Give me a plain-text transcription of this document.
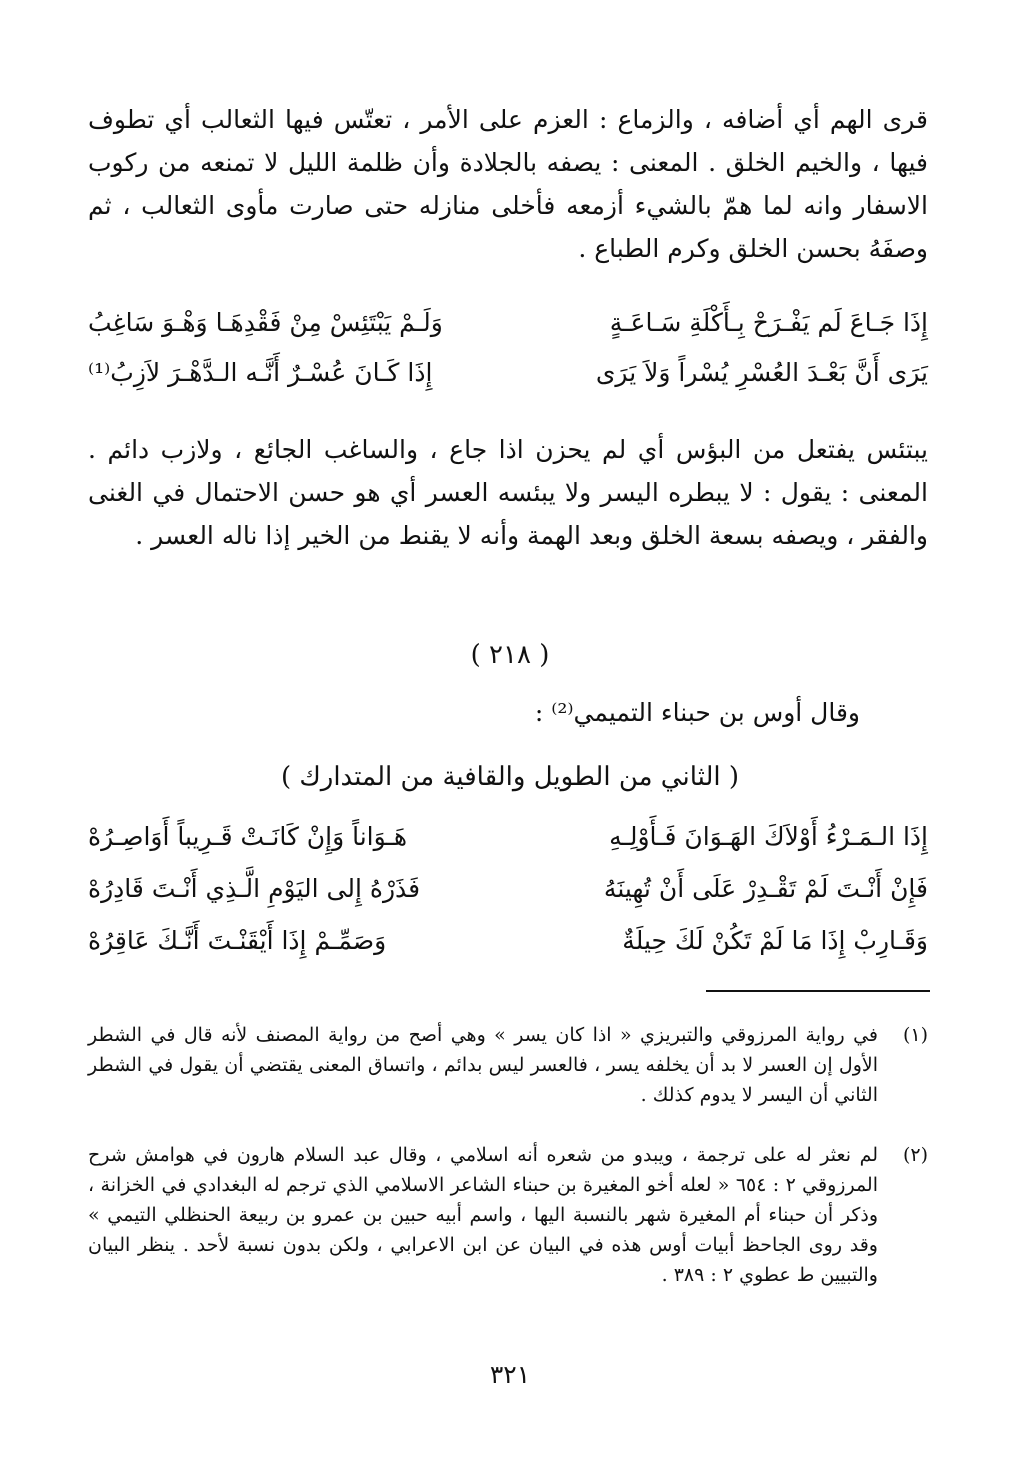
قرى الهم أي أضافه ، والزماع : العزم على الأمر ، تعتّس فيها الثعالب أي تطوف فيها ، والخيم الخلق . المعنى : يصفه بالجلادة وأن ظلمة الليل لا تمنعه من ركوب الاسفار وانه لما همّ بالشيء أزمعه فأخلى منازله حتى صارت مأوى الثعالب ، ثم وصفَهُ بحسن الخلق وكرم الطباع .
إِذَا جَـاعَ لَم يَفْـرَحْ بِـأَكْلَةِ سَـاعَـةٍ
وَلَـمْ يَبْتَئِسْ مِنْ فَقْدِهَـا وَهْـوَ سَاغِبُ
يَرَى أَنَّ بَعْـدَ العُسْرِ يُسْراً وَلاَ يَرَى
إِذَا كَـانَ عُسْـرٌ أَنَّـه الـدَّهْـرَ لاَزِبُ⁽¹⁾
يبتئس يفتعل من البؤس أي لم يحزن اذا جاع ، والساغب الجائع ، ولازب دائم . المعنى : يقول : لا يبطره اليسر ولا يبئسه العسر أي هو حسن الاحتمال في الغنى والفقر ، ويصفه بسعة الخلق وبعد الهمة وأنه لا يقنط من الخير إذا ناله العسر .
( ٢١٨ )
وقال أوس بن حبناء التميمي⁽²⁾ :
( الثاني من الطويل والقافية من المتدارك )
إِذَا الـمَـرْءُ أَوْلاَكَ الهَـوَانَ فَـأَوْلِـهِ
هَـوَاناً وَإِنْ كَانَـتْ قَـرِيباً أَوَاصِـرُهْ
فَإِنْ أَنْـتَ لَمْ تَقْـدِرْ عَلَى أَنْ تُهِينَهُ
فَذَرْهُ إِلى اليَوْمِ الَّـذِي أَنْـتَ قَادِرُهْ
وَقَـارِبْ إِذَا مَا لَمْ تَكُنْ لَكَ حِيلَةٌ
وَصَمِّـمْ إِذَا أَيْقَنْـتَ أَنَّـكَ عَاقِرُهْ
(١)
في رواية المرزوقي والتبريزي « اذا كان يسر » وهي أصح من رواية المصنف لأنه قال في الشطر الأول إن العسر لا بد أن يخلفه يسر ، فالعسر ليس بدائم ، واتساق المعنى يقتضي أن يقول في الشطر الثاني أن اليسر لا يدوم كذلك .
(٢)
لم نعثر له على ترجمة ، ويبدو من شعره أنه اسلامي ، وقال عبد السلام هارون في هوامش شرح المرزوقي ٢ : ٦٥٤ « لعله أخو المغيرة بن حبناء الشاعر الاسلامي الذي ترجم له البغدادي في الخزانة ، وذكر أن حبناء أم المغيرة شهر بالنسبة اليها ، واسم أبيه حبين بن عمرو بن ربيعة الحنظلي التيمي » وقد روى الجاحظ أبيات أوس هذه في البيان عن ابن الاعرابي ، ولكن بدون نسبة لأحد . ينظر البيان والتبيين ط عطوي ٢ : ٣٨٩ .
٣٢١
